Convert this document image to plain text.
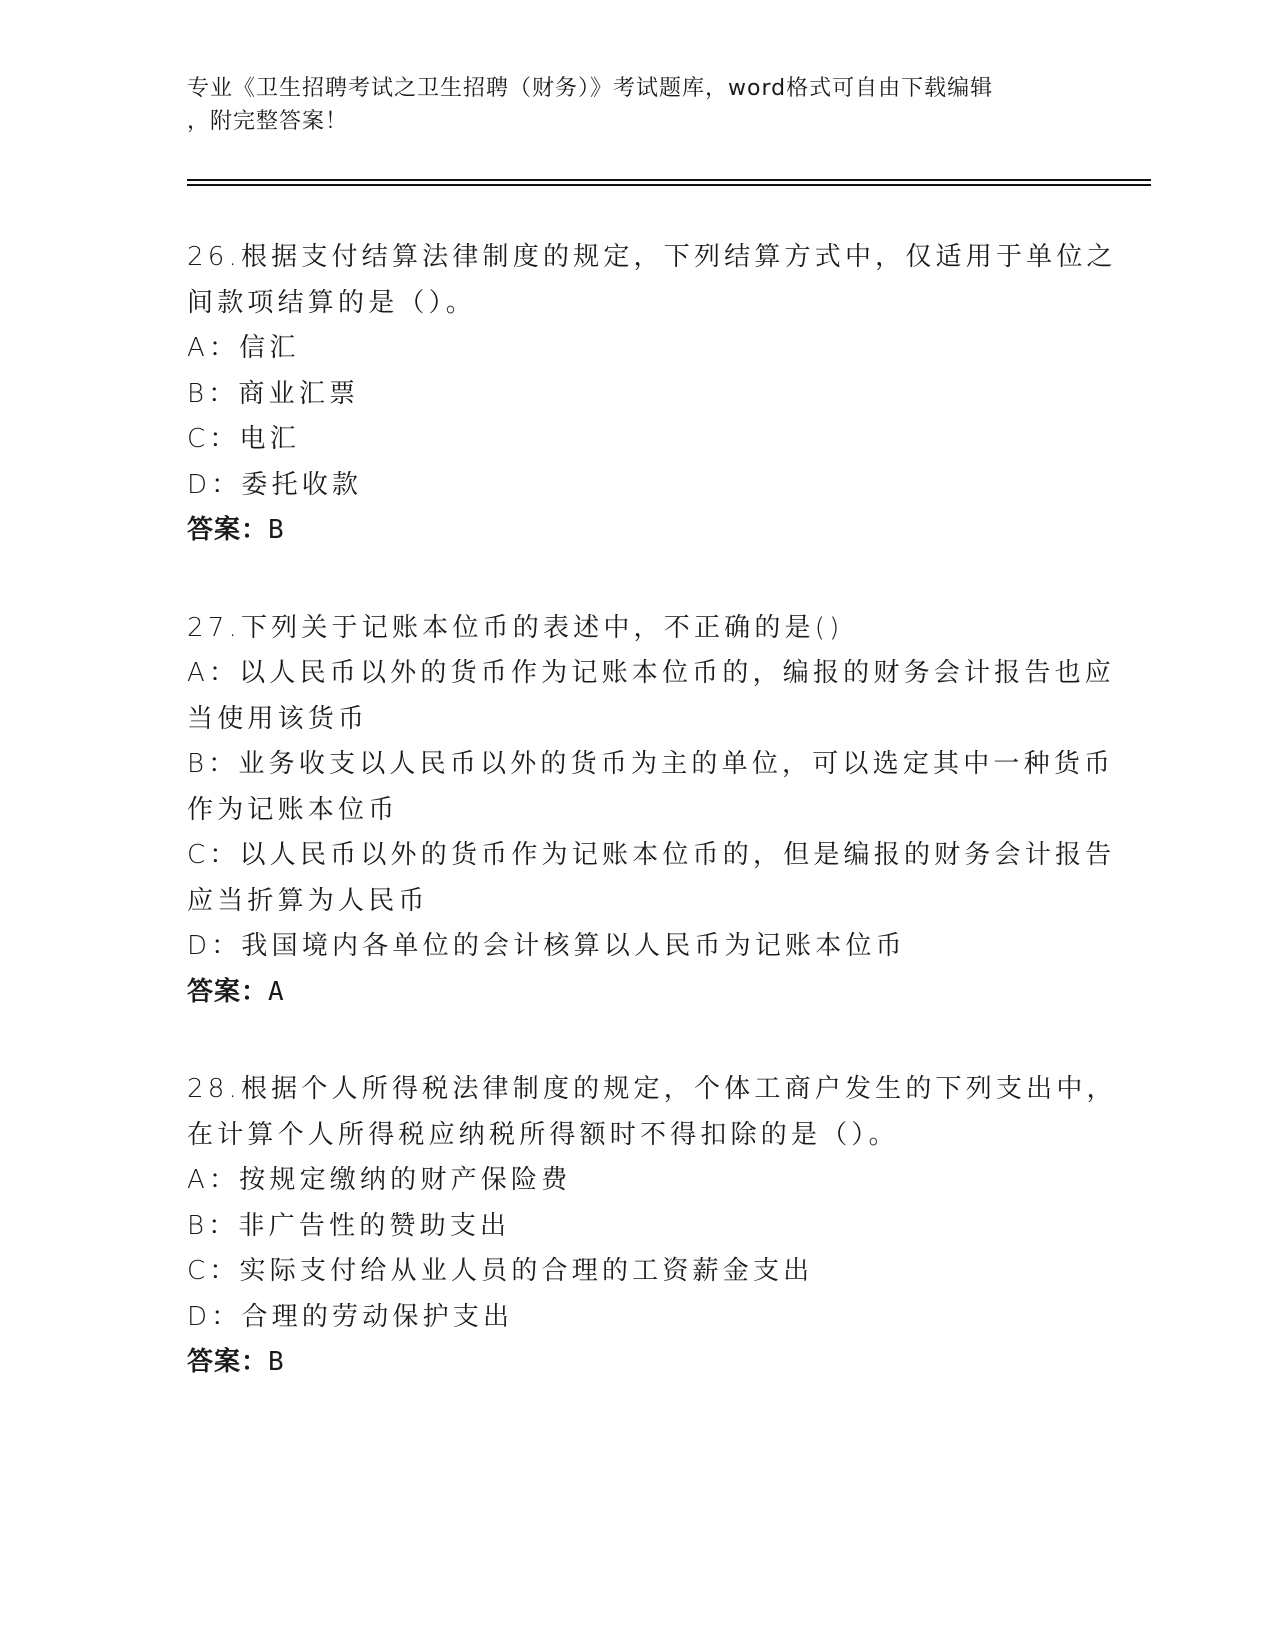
专业《卫生招聘考试之卫生招聘（财务）》考试题库，word格式可自由下载编辑
，附完整答案！
26.根据支付结算法律制度的规定，下列结算方式中，仅适用于单位之
间款项结算的是（）。
A：信汇
B：商业汇票
C：电汇
D：委托收款
答案：B
27.下列关于记账本位币的表述中，不正确的是()
A：以人民币以外的货币作为记账本位币的，编报的财务会计报告也应
当使用该货币
B：业务收支以人民币以外的货币为主的单位，可以选定其中一种货币
作为记账本位币
C：以人民币以外的货币作为记账本位币的，但是编报的财务会计报告
应当折算为人民币
D：我国境内各单位的会计核算以人民币为记账本位币
答案：A
28.根据个人所得税法律制度的规定，个体工商户发生的下列支出中，
在计算个人所得税应纳税所得额时不得扣除的是（）。
A：按规定缴纳的财产保险费
B：非广告性的赞助支出
C：实际支付给从业人员的合理的工资薪金支出
D：合理的劳动保护支出
答案：B
